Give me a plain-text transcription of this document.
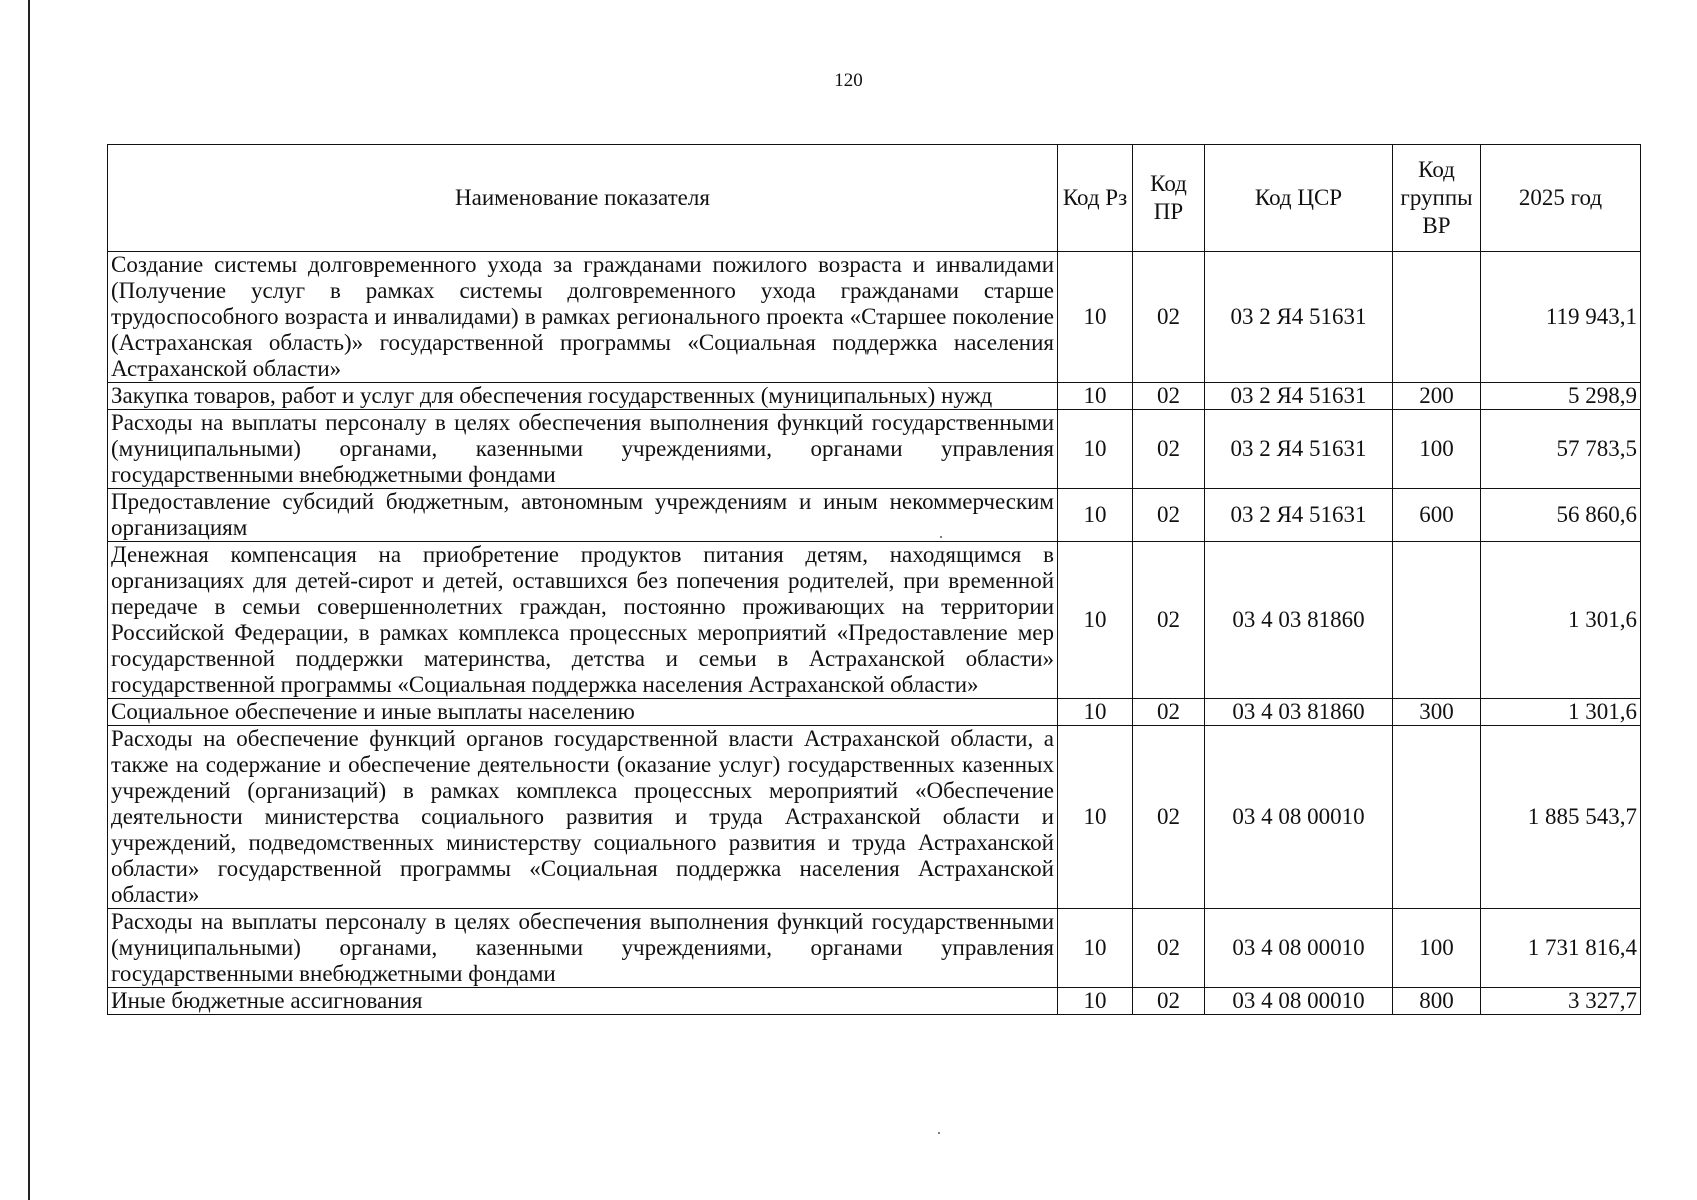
120
Наименование показателя	Код Рз	Код ПР	Код ЦСР	Код группы ВР	2025 год
Создание системы долговременного ухода за гражданами пожилого возраста и инвалидами (Получение услуг в рамках системы долговременного ухода гражданами старше трудоспособного возраста и инвалидами) в рамках регионального проекта «Старшее поколение (Астраханская область)» государственной программы «Социальная поддержка населения Астраханской области»	10	02	03 2 Я4 51631		119 943,1
Закупка товаров, работ и услуг для обеспечения государственных (муниципальных) нужд	10	02	03 2 Я4 51631	200	5 298,9
Расходы на выплаты персоналу в целях обеспечения выполнения функций государственными (муниципальными) органами, казенными учреждениями, органами управления государственными внебюджетными фондами	10	02	03 2 Я4 51631	100	57 783,5
Предоставление субсидий бюджетным, автономным учреждениям и иным некоммерческим организациям	10	02	03 2 Я4 51631	600	56 860,6
Денежная компенсация на приобретение продуктов питания детям, находящимся в организациях для детей-сирот и детей, оставшихся без попечения родителей, при временной передаче в семьи совершеннолетних граждан, постоянно проживающих на территории Российской Федерации, в рамках комплекса процессных мероприятий «Предоставление мер государственной поддержки материнства, детства и семьи в Астраханской области» государственной программы «Социальная поддержка населения Астраханской области»	10	02	03 4 03 81860		1 301,6
Социальное обеспечение и иные выплаты населению	10	02	03 4 03 81860	300	1 301,6
Расходы на обеспечение функций органов государственной власти Астраханской области, а также на содержание и обеспечение деятельности (оказание услуг) государственных казенных учреждений (организаций) в рамках комплекса процессных мероприятий «Обеспечение деятельности министерства социального развития и труда Астраханской области и учреждений, подведомственных министерству социального развития и труда Астраханской области» государственной программы «Социальная поддержка населения Астраханской области»	10	02	03 4 08 00010		1 885 543,7
Расходы на выплаты персоналу в целях обеспечения выполнения функций государственными (муниципальными) органами, казенными учреждениями, органами управления государственными внебюджетными фондами	10	02	03 4 08 00010	100	1 731 816,4
Иные бюджетные ассигнования	10	02	03 4 08 00010	800	3 327,7
